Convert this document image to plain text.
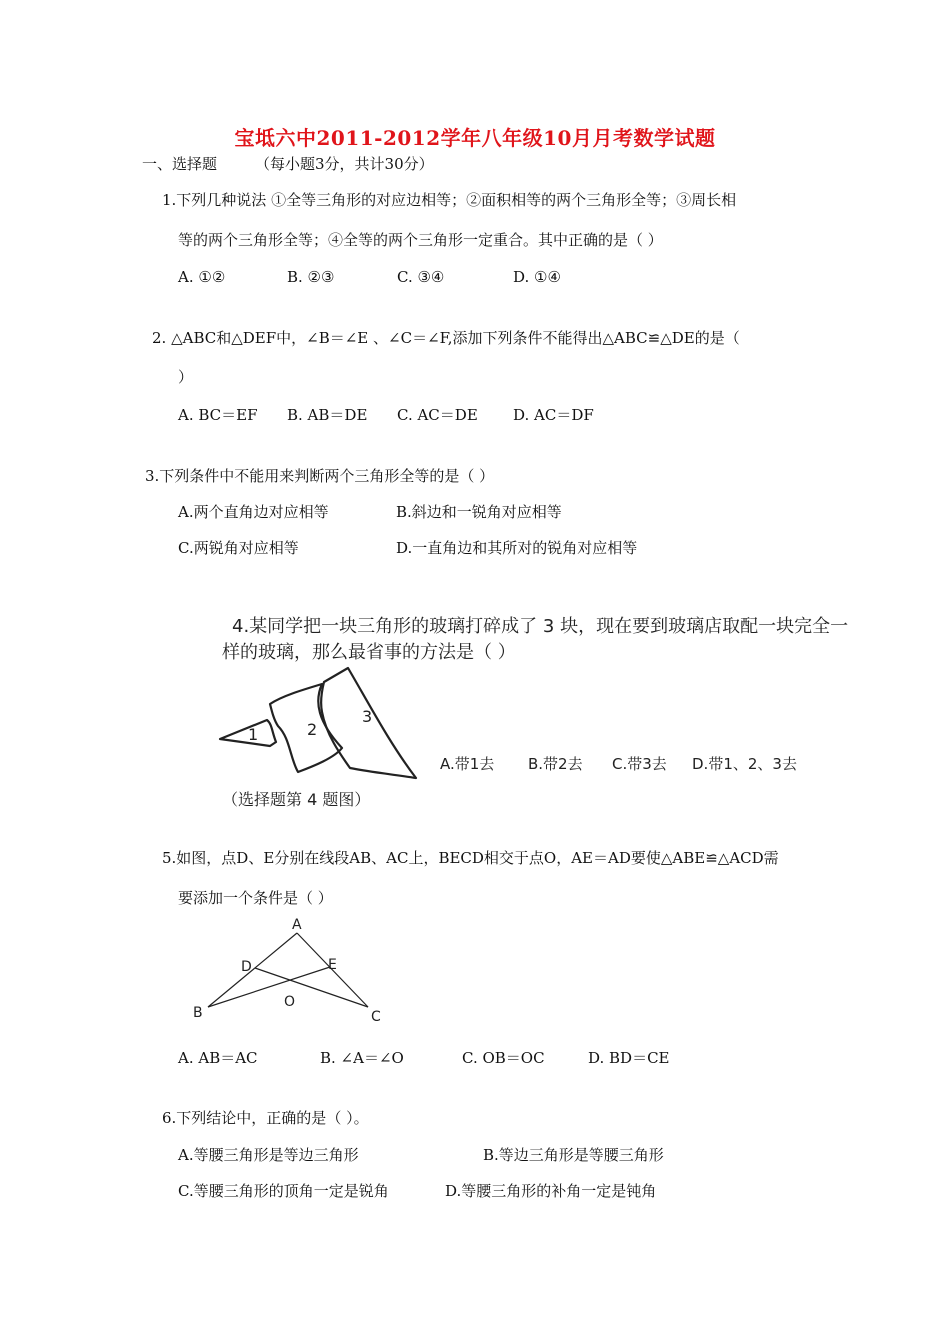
宝坻六中2011-2012学年八年级10月月考数学试题
一、选择题	（每小题3分，共计30分）
1.下列几种说法 ①全等三角形的对应边相等；②面积相等的两个三角形全等；③周长相
等的两个三角形全等；④全等的两个三角形一定重合。其中正确的是（ ）
A. ①②	B. ②③	C. ③④	D. ①④
2. △ABC和△DEF中，∠B＝∠E 、∠C＝∠F,添加下列条件不能得出△ABC≌△DE的是（
）
A. BC＝EF B. AB＝DE C. AC＝DE D. AC＝DF
3.下列条件中不能用来判断两个三角形全等的是（ ）
A.两个直角边对应相等	B.斜边和一锐角对应相等
C.两锐角对应相等	D.一直角边和其所对的锐角对应相等
4.某同学把一块三角形的玻璃打碎成了 3 块，现在要到玻璃店取配一块完全一
样的玻璃，那么最省事的方法是（ ）
1	2
3
A.带1去 B.带2去 C.带3去 D.带1、2、3去
（选择题第 4 题图）
5.如图，点D、E分别在线段AB、AC上，BECD相交于点O，AE＝AD要使△ABE≌△ACD需
要添加一个条件是（ ）
A
D	E
O
B	C
A. AB＝AC	B. ∠A＝∠O	C. OB＝OC	D. BD＝CE
6.下列结论中，正确的是（ ）。
A.等腰三角形是等边三角形	B.等边三角形是等腰三角形
C.等腰三角形的顶角一定是锐角	D.等腰三角形的补角一定是钝角
